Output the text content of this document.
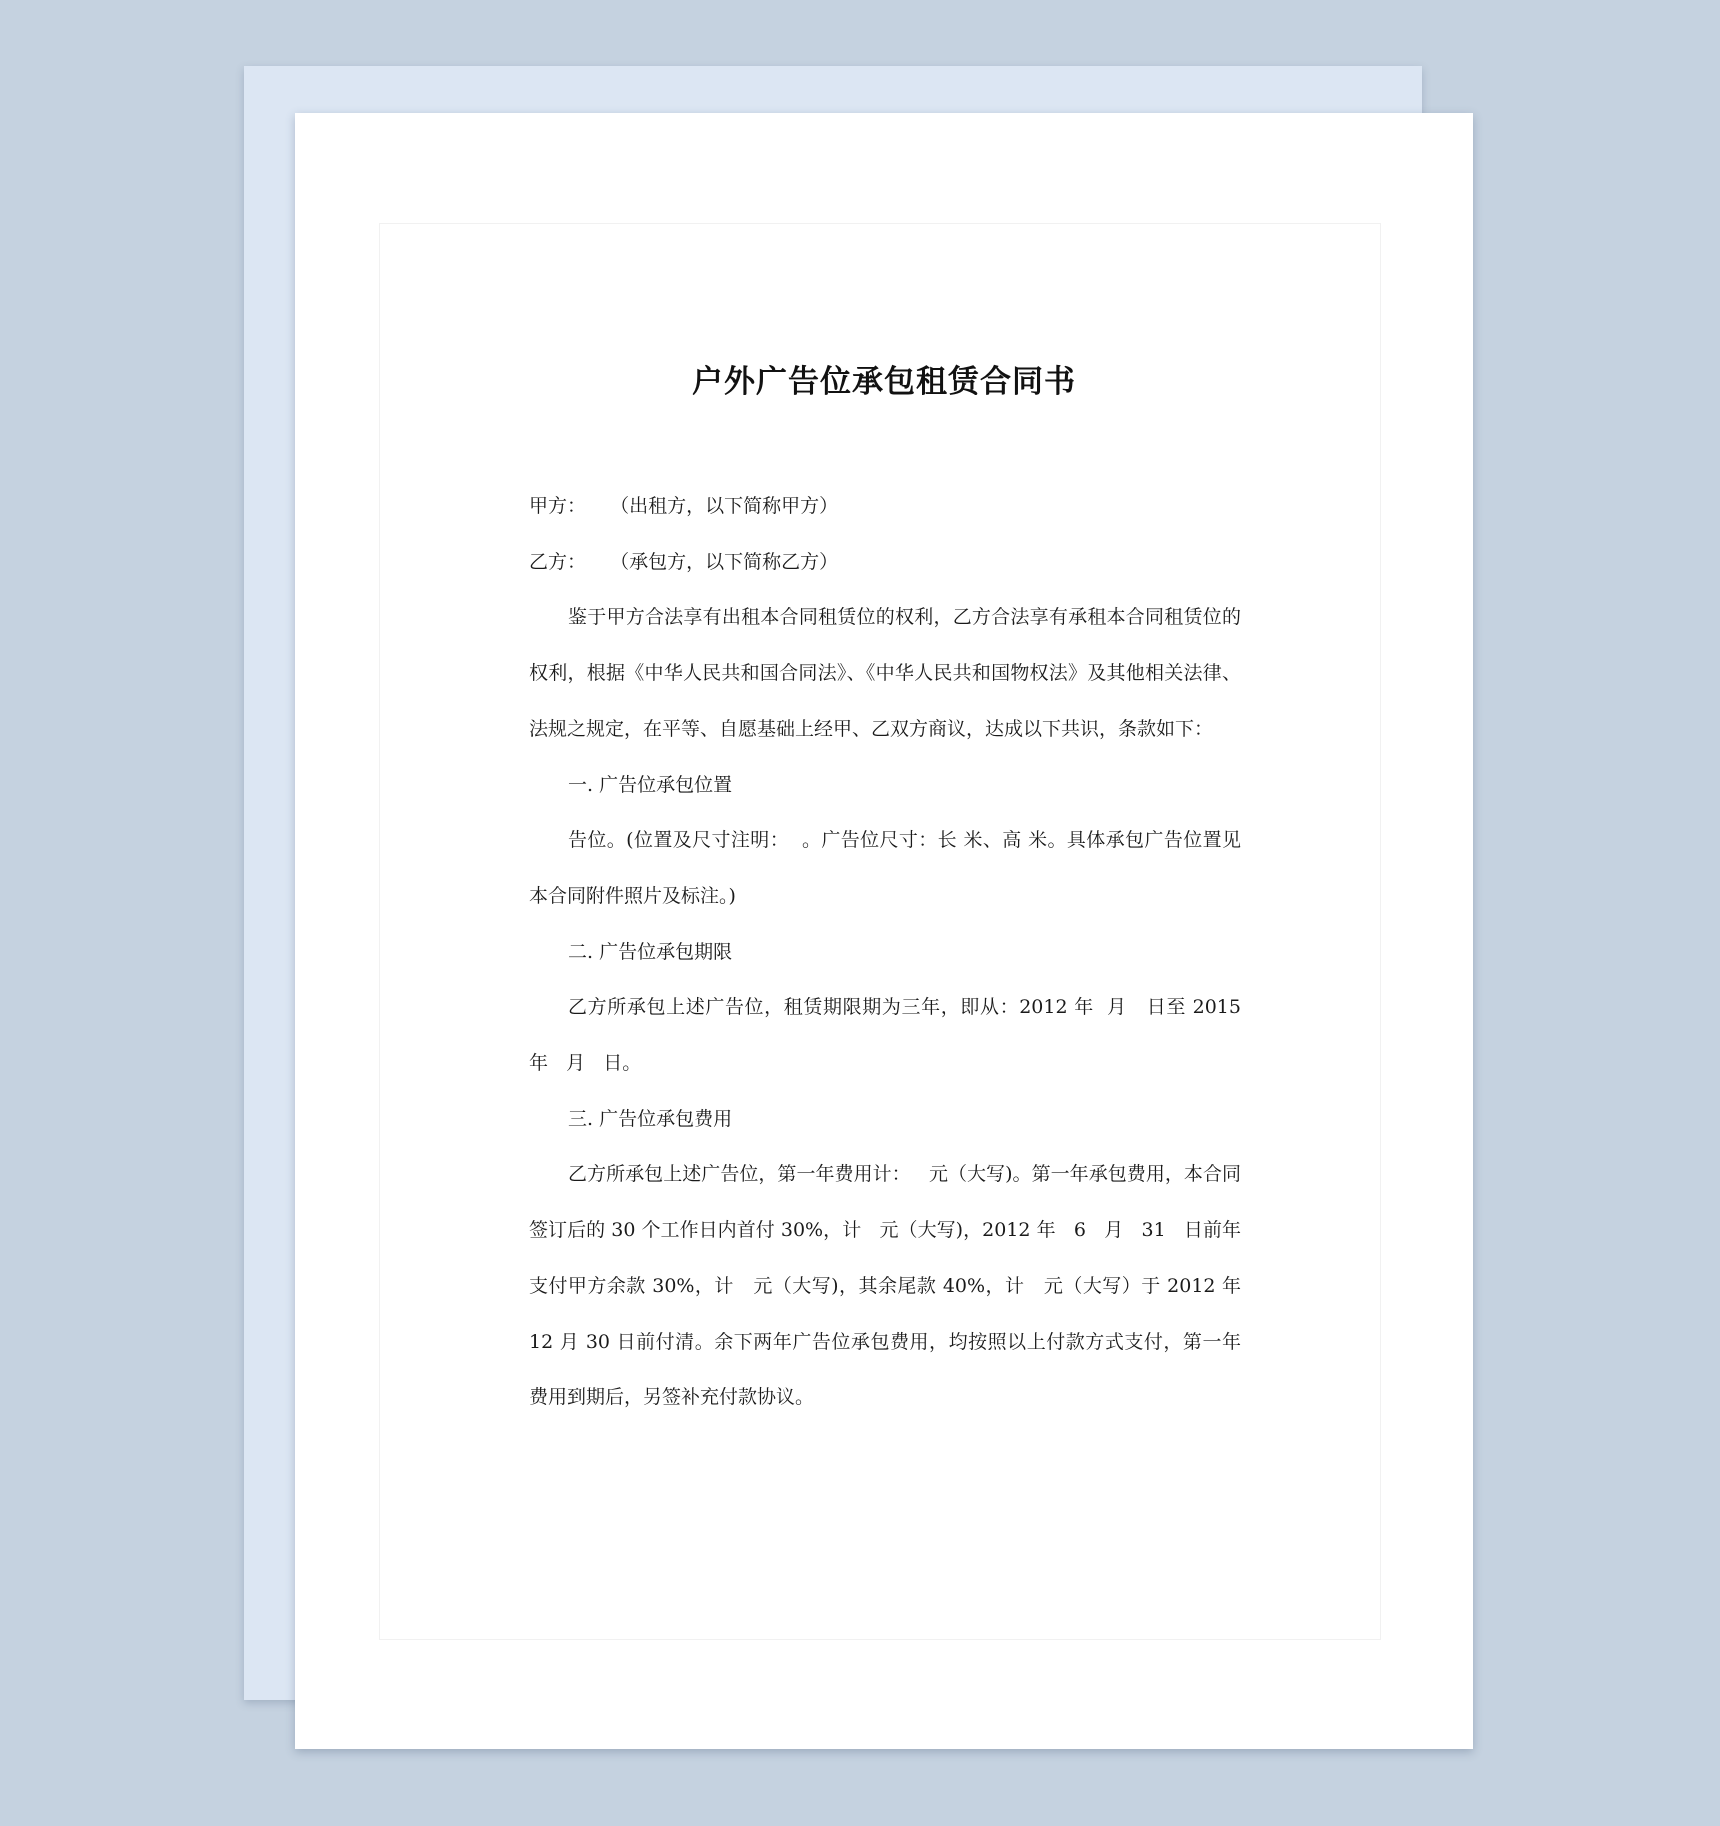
户外广告位承包租赁合同书

甲方：    （出租方，以下简称甲方）

乙方：    （承包方，以下简称乙方）

鉴于甲方合法享有出租本合同租赁位的权利，乙方合法享有承租本合同租赁位的权利，根据《中华人民共和国合同法》、《中华人民共和国物权法》及其他相关法律、法规之规定，在平等、自愿基础上经甲、乙双方商议，达成以下共识，条款如下：

一. 广告位承包位置

告位。(位置及尺寸注明：  。广告位尺寸：长 米、高 米。具体承包广告位置见本合同附件照片及标注。)

二. 广告位承包期限

乙方所承包上述广告位，租赁期限期为三年，即从：2012 年  月   日至 2015 年   月   日。

三. 广告位承包费用

乙方所承包上述广告位，第一年费用计：   元（大写)。第一年承包费用，本合同签订后的 30 个工作日内首付 30%，计   元（大写)，2012 年   6   月   31   日前年支付甲方余款 30%，计   元（大写)，其余尾款 40%，计   元（大写）于 2012 年 12 月 30 日前付清。余下两年广告位承包费用，均按照以上付款方式支付，第一年费用到期后，另签补充付款协议。
